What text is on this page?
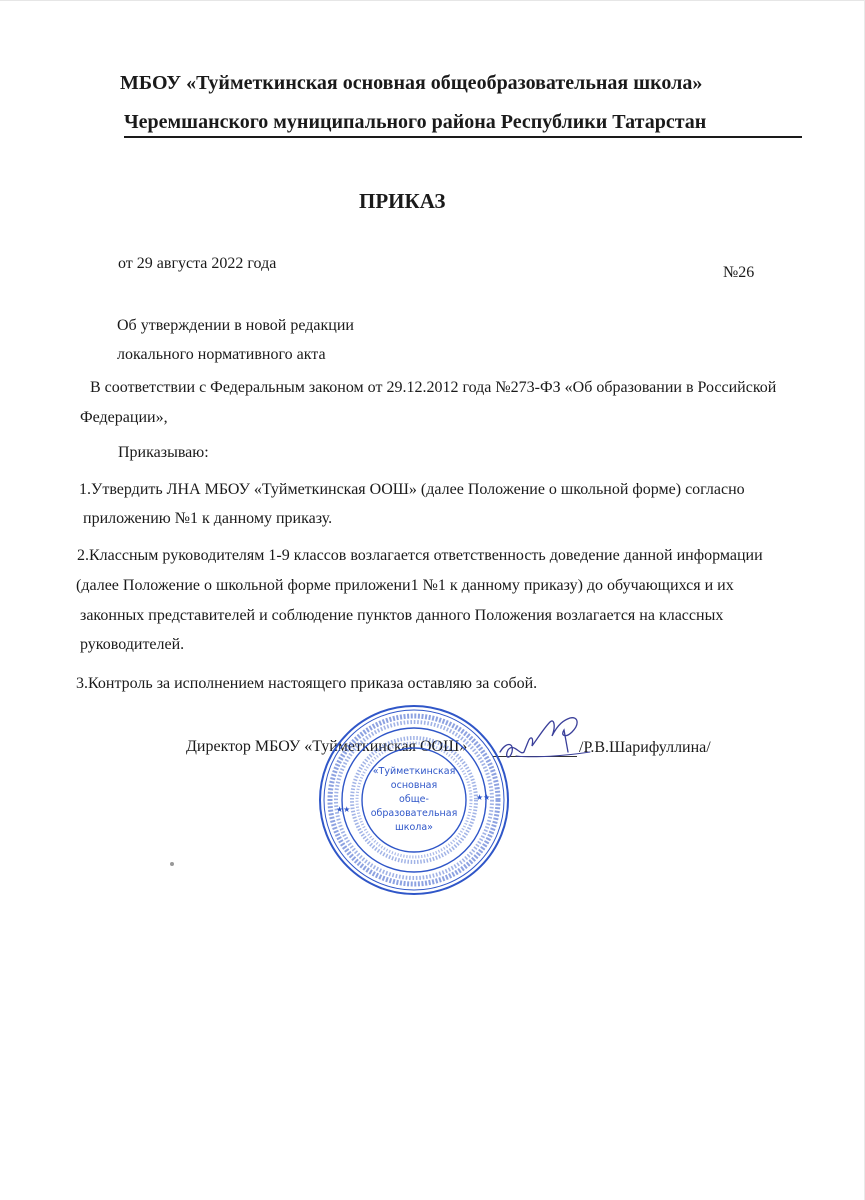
МБОУ «Туйметкинская основная общеобразовательная школа»
Черемшанского муниципального района Республики Татарстан
ПРИКАЗ
от 29 августа 2022 года
№26
Об утверждении в новой редакции
локального нормативного акта
В соответствии с Федеральным законом от 29.12.2012 года №273-ФЗ «Об образовании в Российской
Федерации»,
Приказываю:
1.Утвердить ЛНА МБОУ «Туйметкинская ООШ» (далее Положение о школьной форме) согласно
приложению №1 к данному приказу.
2.Классным руководителям 1-9 классов возлагается ответственность доведение данной информации
(далее Положение о школьной форме приложени1 №1 к данному приказу) до обучающихся и их
законных представителей и соблюдение пунктов данного Положения возлагается на классных
руководителей.
3.Контроль за исполнением настоящего приказа оставляю за собой.
Директор МБОУ «Туйметкинская ООШ»	/Р.В.Шарифуллина/
★★
★★
«Туйметкинская
основная
обще-
образовательная
школа»
